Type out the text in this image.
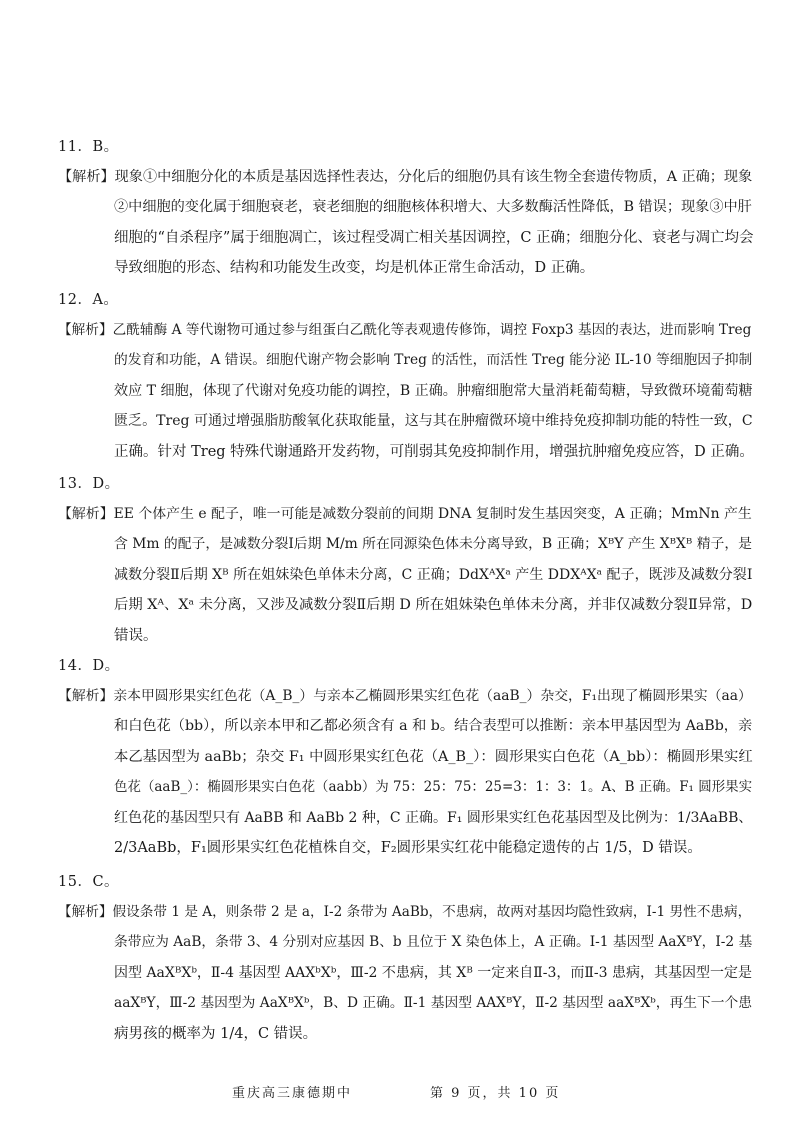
11．B。
【解析】现象①中细胞分化的本质是基因选择性表达，分化后的细胞仍具有该生物全套遗传物质，A 正确；现象
②中细胞的变化属于细胞衰老，衰老细胞的细胞核体积增大、大多数酶活性降低，B 错误；现象③中肝
细胞的“自杀程序”属于细胞凋亡，该过程受凋亡相关基因调控，C 正确；细胞分化、衰老与凋亡均会
导致细胞的形态、结构和功能发生改变，均是机体正常生命活动，D 正确。
12．A。
【解析】乙酰辅酶 A 等代谢物可通过参与组蛋白乙酰化等表观遗传修饰，调控 Foxp3 基因的表达，进而影响 Treg
的发育和功能，A 错误。细胞代谢产物会影响 Treg 的活性，而活性 Treg 能分泌 IL-10 等细胞因子抑制
效应 T 细胞，体现了代谢对免疫功能的调控，B 正确。肿瘤细胞常大量消耗葡萄糖，导致微环境葡萄糖
匮乏。Treg 可通过增强脂肪酸氧化获取能量，这与其在肿瘤微环境中维持免疫抑制功能的特性一致，C
正确。针对 Treg 特殊代谢通路开发药物，可削弱其免疫抑制作用，增强抗肿瘤免疫应答，D 正确。
13．D。
【解析】EE 个体产生 e 配子，唯一可能是减数分裂前的间期 DNA 复制时发生基因突变，A 正确；MmNn 产生
含 Mm 的配子，是减数分裂Ⅰ后期 M/m 所在同源染色体未分离导致，B 正确；XᴮY 产生 XᴮXᴮ 精子，是
减数分裂Ⅱ后期 Xᴮ 所在姐妹染色单体未分离，C 正确；DdXᴬXᵃ 产生 DDXᴬXᵃ 配子，既涉及减数分裂Ⅰ
后期 Xᴬ、Xᵃ 未分离，又涉及减数分裂Ⅱ后期 D 所在姐妹染色单体未分离，并非仅减数分裂Ⅱ异常，D
错误。
14．D。
【解析】亲本甲圆形果实红色花（A_B_）与亲本乙椭圆形果实红色花（aaB_）杂交，F₁出现了椭圆形果实（aa）
和白色花（bb），所以亲本甲和乙都必须含有 a 和 b。结合表型可以推断：亲本甲基因型为 AaBb，亲
本乙基因型为 aaBb；杂交 F₁ 中圆形果实红色花（A_B_）：圆形果实白色花（A_bb）：椭圆形果实红
色花（aaB_）：椭圆形果实白色花（aabb）为 75：25：75：25=3：1：3：1。A、B 正确。F₁ 圆形果实
红色花的基因型只有 AaBB 和 AaBb 2 种，C 正确。F₁ 圆形果实红色花基因型及比例为：1/3AaBB、
2/3AaBb，F₁圆形果实红色花植株自交，F₂圆形果实红花中能稳定遗传的占 1/5，D 错误。
15．C。
【解析】假设条带 1 是 A，则条带 2 是 a，Ⅰ-2 条带为 AaBb，不患病，故两对基因均隐性致病，Ⅰ-1 男性不患病，
条带应为 AaB，条带 3、4 分别对应基因 B、b 且位于 X 染色体上，A 正确。Ⅰ-1 基因型 AaXᴮY，Ⅰ-2 基
因型 AaXᴮXᵇ，Ⅱ-4 基因型 AAXᵇXᵇ，Ⅲ-2 不患病，其 Xᴮ 一定来自Ⅱ-3，而Ⅱ-3 患病，其基因型一定是
aaXᴮY，Ⅲ-2 基因型为 AaXᴮXᵇ，B、D 正确。Ⅱ-1 基因型 AAXᴮY，Ⅱ-2 基因型 aaXᴮXᵇ，再生下一个患
病男孩的概率为 1/4，C 错误。
重庆高三康德期中	第 9 页，共 10 页
